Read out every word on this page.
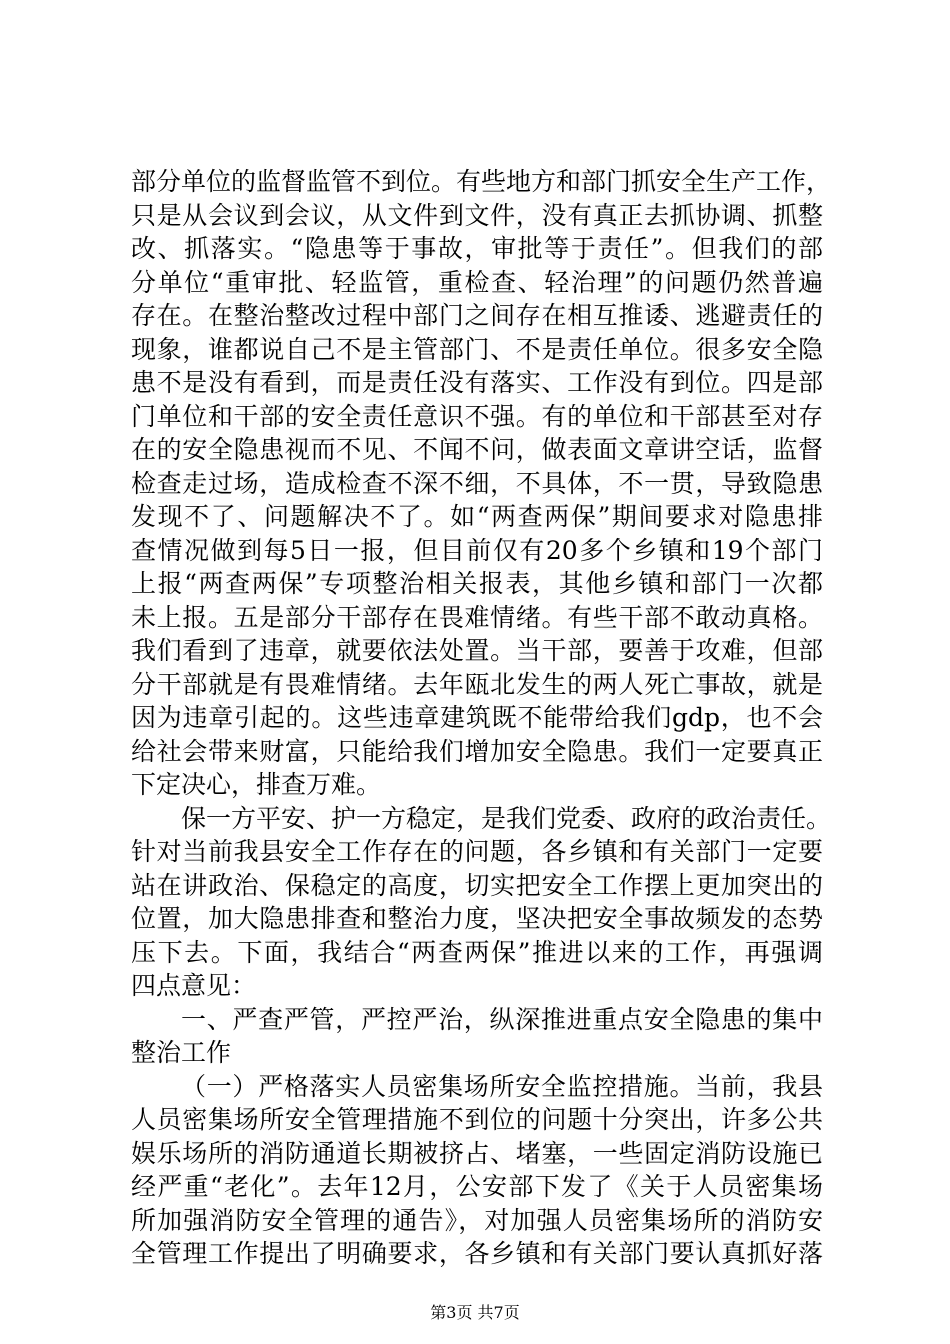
部分单位的监督监管不到位。有些地方和部门抓安全生产工作，
只是从会议到会议，从文件到文件，没有真正去抓协调、抓整
改、抓落实。“隐患等于事故，审批等于责任”。但我们的部
分单位“重审批、轻监管，重检查、轻治理”的问题仍然普遍
存在。在整治整改过程中部门之间存在相互推诿、逃避责任的
现象，谁都说自己不是主管部门、不是责任单位。很多安全隐
患不是没有看到，而是责任没有落实、工作没有到位。四是部
门单位和干部的安全责任意识不强。有的单位和干部甚至对存
在的安全隐患视而不见、不闻不问，做表面文章讲空话，监督
检查走过场，造成检查不深不细，不具体，不一贯，导致隐患
发现不了、问题解决不了。如“两查两保”期间要求对隐患排
查情况做到每5日一报，但目前仅有20多个乡镇和19个部门
上报“两查两保”专项整治相关报表，其他乡镇和部门一次都
未上报。五是部分干部存在畏难情绪。有些干部不敢动真格。
我们看到了违章，就要依法处置。当干部，要善于攻难，但部
分干部就是有畏难情绪。去年瓯北发生的两人死亡事故，就是
因为违章引起的。这些违章建筑既不能带给我们gdp，也不会
给社会带来财富，只能给我们增加安全隐患。我们一定要真正
下定决心，排查万难。
保一方平安、护一方稳定，是我们党委、政府的政治责任。
针对当前我县安全工作存在的问题，各乡镇和有关部门一定要
站在讲政治、保稳定的高度，切实把安全工作摆上更加突出的
位置，加大隐患排查和整治力度，坚决把安全事故频发的态势
压下去。下面，我结合“两查两保”推进以来的工作，再强调
四点意见：
一、严查严管，严控严治，纵深推进重点安全隐患的集中
整治工作
（一）严格落实人员密集场所安全监控措施。当前，我县
人员密集场所安全管理措施不到位的问题十分突出，许多公共
娱乐场所的消防通道长期被挤占、堵塞，一些固定消防设施已
经严重“老化”。去年12月，公安部下发了《关于人员密集场
所加强消防安全管理的通告》，对加强人员密集场所的消防安
全管理工作提出了明确要求，各乡镇和有关部门要认真抓好落
第3页 共7页
